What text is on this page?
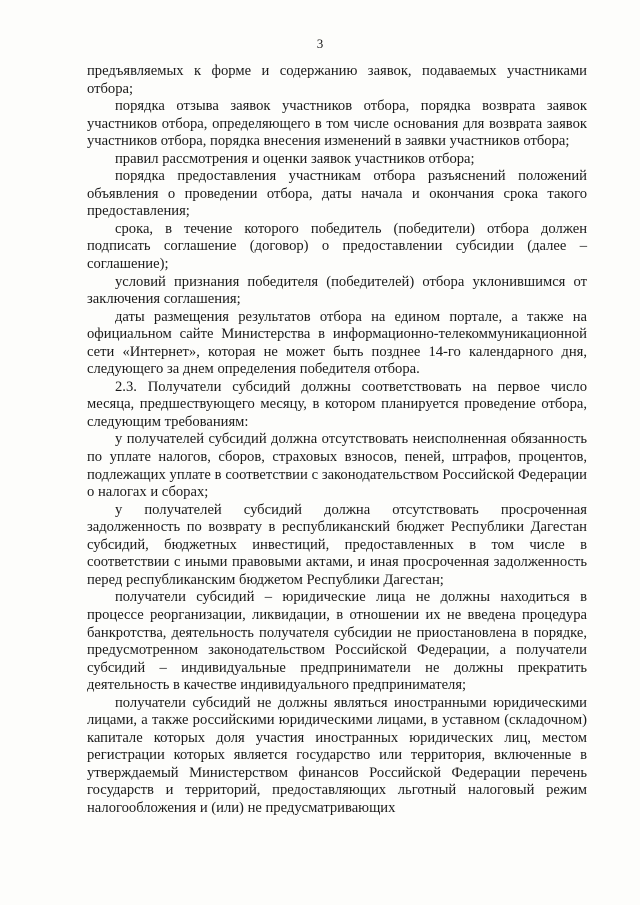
3

предъявляемых к форме и содержанию заявок, подаваемых участниками отбора;

порядка отзыва заявок участников отбора, порядка возврата заявок участников отбора, определяющего в том числе основания для возврата заявок участников отбора, порядка внесения изменений в заявки участников отбора;

правил рассмотрения и оценки заявок участников отбора;

порядка предоставления участникам отбора разъяснений положений объявления о проведении отбора, даты начала и окончания срока такого предоставления;

срока, в течение которого победитель (победители) отбора должен подписать соглашение (договор) о предоставлении субсидии (далее – соглашение);

условий признания победителя (победителей) отбора уклонившимся от заключения соглашения;

даты размещения результатов отбора на едином портале, а также на официальном сайте Министерства в информационно-телекоммуникационной сети «Интернет», которая не может быть позднее 14-го календарного дня, следующего за днем определения победителя отбора.

2.3. Получатели субсидий должны соответствовать на первое число месяца, предшествующего месяцу, в котором планируется проведение отбора, следующим требованиям:

у получателей субсидий должна отсутствовать неисполненная обязанность по уплате налогов, сборов, страховых взносов, пеней, штрафов, процентов, подлежащих уплате в соответствии с законодательством Российской Федерации о налогах и сборах;

у получателей субсидий должна отсутствовать просроченная задолженность по возврату в республиканский бюджет Республики Дагестан субсидий, бюджетных инвестиций, предоставленных в том числе в соответствии с иными правовыми актами, и иная просроченная задолженность перед республиканским бюджетом Республики Дагестан;

получатели субсидий – юридические лица не должны находиться в процессе реорганизации, ликвидации, в отношении их не введена процедура банкротства, деятельность получателя субсидии не приостановлена в порядке, предусмотренном законодательством Российской Федерации, а получатели субсидий – индивидуальные предприниматели не должны прекратить деятельность в качестве индивидуального предпринимателя;

получатели субсидий не должны являться иностранными юридическими лицами, а также российскими юридическими лицами, в уставном (складочном) капитале которых доля участия иностранных юридических лиц, местом регистрации которых является государство или территория, включенные в утверждаемый Министерством финансов Российской Федерации перечень государств и территорий, предоставляющих льготный налоговый режим налогообложения и (или) не предусматривающих
